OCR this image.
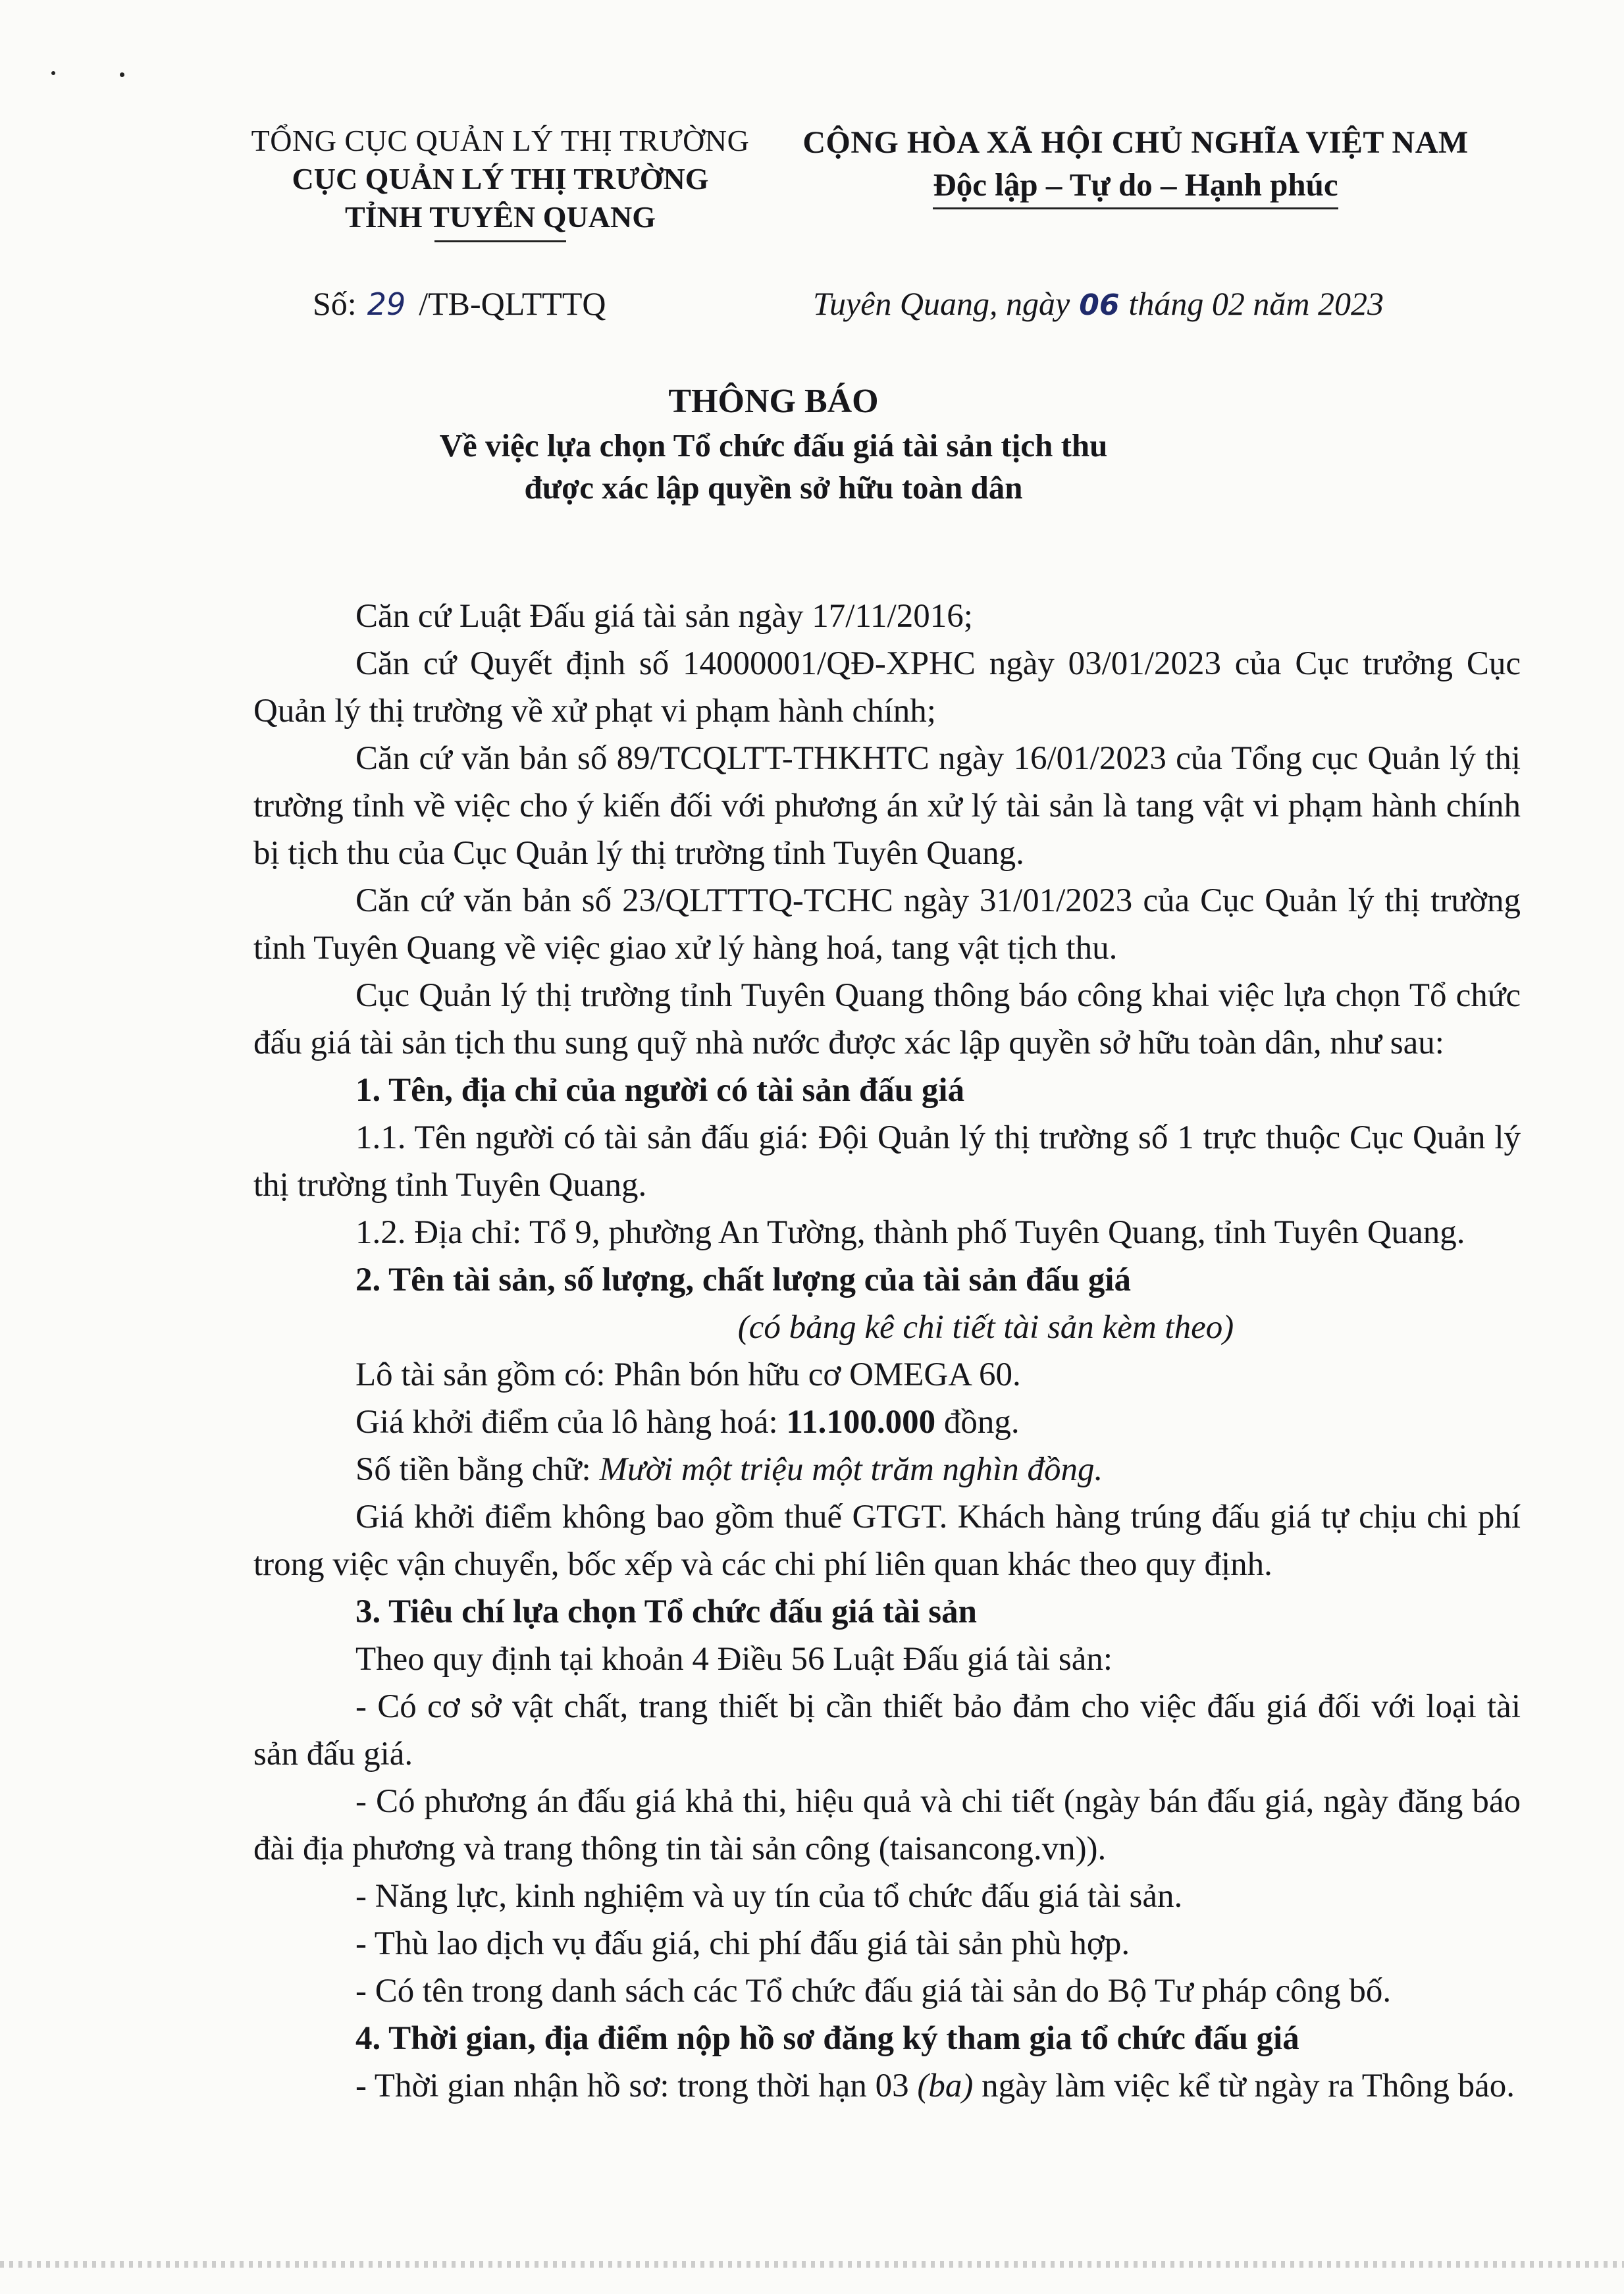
TỔNG CỤC QUẢN LÝ THỊ TRƯỜNG
CỤC QUẢN LÝ THỊ TRƯỜNG
TỈNH TUYÊN QUANG
CỘNG HÒA XÃ HỘI CHỦ NGHĨA VIỆT NAM
Độc lập – Tự do – Hạnh phúc
Số: 29 /TB-QLTTTQ	Tuyên Quang, ngày 06 tháng 02 năm 2023
THÔNG BÁO
Về việc lựa chọn Tổ chức đấu giá tài sản tịch thu
được xác lập quyền sở hữu toàn dân

Căn cứ Luật Đấu giá tài sản ngày 17/11/2016;

Căn cứ Quyết định số 14000001/QĐ-XPHC ngày 03/01/2023 của Cục trưởng Cục Quản lý thị trường về xử phạt vi phạm hành chính;

Căn cứ văn bản số 89/TCQLTT-THKHTC ngày 16/01/2023 của Tổng cục Quản lý thị trường tỉnh về việc cho ý kiến đối với phương án xử lý tài sản là tang vật vi phạm hành chính bị tịch thu của Cục Quản lý thị trường tỉnh Tuyên Quang.

Căn cứ văn bản số 23/QLTTTQ-TCHC ngày 31/01/2023 của Cục Quản lý thị trường tỉnh Tuyên Quang về việc giao xử lý hàng hoá, tang vật tịch thu.

Cục Quản lý thị trường tỉnh Tuyên Quang thông báo công khai việc lựa chọn Tổ chức đấu giá tài sản tịch thu sung quỹ nhà nước được xác lập quyền sở hữu toàn dân, như sau:

1. Tên, địa chỉ của người có tài sản đấu giá

1.1. Tên người có tài sản đấu giá: Đội Quản lý thị trường số 1 trực thuộc Cục Quản lý thị trường tỉnh Tuyên Quang.

1.2. Địa chỉ: Tổ 9, phường An Tường, thành phố Tuyên Quang, tỉnh Tuyên Quang.

2. Tên tài sản, số lượng, chất lượng của tài sản đấu giá

(có bảng kê chi tiết tài sản kèm theo)

Lô tài sản gồm có: Phân bón hữu cơ OMEGA 60.

Giá khởi điểm của lô hàng hoá: 11.100.000 đồng.

Số tiền bằng chữ: Mười một triệu một trăm nghìn đồng.

Giá khởi điểm không bao gồm thuế GTGT. Khách hàng trúng đấu giá tự chịu chi phí trong việc vận chuyển, bốc xếp và các chi phí liên quan khác theo quy định.

3. Tiêu chí lựa chọn Tổ chức đấu giá tài sản

Theo quy định tại khoản 4 Điều 56 Luật Đấu giá tài sản:

- Có cơ sở vật chất, trang thiết bị cần thiết bảo đảm cho việc đấu giá đối với loại tài sản đấu giá.

- Có phương án đấu giá khả thi, hiệu quả và chi tiết (ngày bán đấu giá, ngày đăng báo đài địa phương và trang thông tin tài sản công (taisancong.vn)).

- Năng lực, kinh nghiệm và uy tín của tổ chức đấu giá tài sản.

- Thù lao dịch vụ đấu giá, chi phí đấu giá tài sản phù hợp.

- Có tên trong danh sách các Tổ chức đấu giá tài sản do Bộ Tư pháp công bố.

4. Thời gian, địa điểm nộp hồ sơ đăng ký tham gia tổ chức đấu giá

- Thời gian nhận hồ sơ: trong thời hạn 03 (ba) ngày làm việc kể từ ngày ra Thông báo.
